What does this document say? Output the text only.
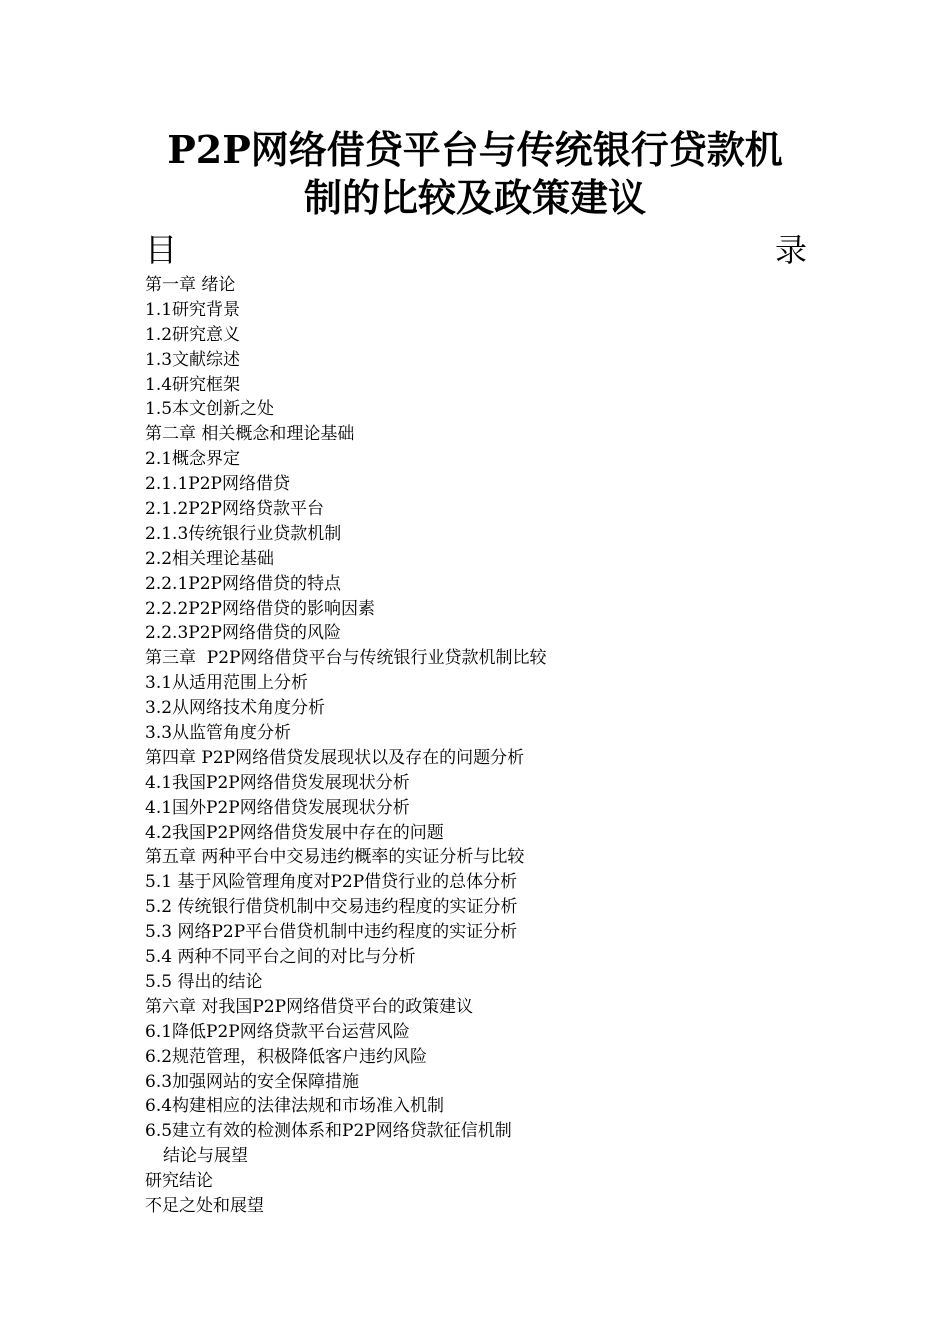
P2P网络借贷平台与传统银行贷款机
制的比较及政策建议
目	录
第一章 绪论
1.1研究背景
1.2研究意义
1.3文献综述
1.4研究框架
1.5本文创新之处
第二章 相关概念和理论基础
2.1概念界定
2.1.1P2P网络借贷
2.1.2P2P网络贷款平台
2.1.3传统银行业贷款机制
2.2相关理论基础
2.2.1P2P网络借贷的特点
2.2.2P2P网络借贷的影响因素
2.2.3P2P网络借贷的风险
第三章  P2P网络借贷平台与传统银行业贷款机制比较
3.1从适用范围上分析
3.2从网络技术角度分析
3.3从监管角度分析
第四章 P2P网络借贷发展现状以及存在的问题分析
4.1我国P2P网络借贷发展现状分析
4.1国外P2P网络借贷发展现状分析
4.2我国P2P网络借贷发展中存在的问题
第五章 两种平台中交易违约概率的实证分析与比较
5.1 基于风险管理角度对P2P借贷行业的总体分析
5.2 传统银行借贷机制中交易违约程度的实证分析
5.3 网络P2P平台借贷机制中违约程度的实证分析
5.4 两种不同平台之间的对比与分析
5.5 得出的结论
第六章 对我国P2P网络借贷平台的政策建议
6.1降低P2P网络贷款平台运营风险
6.2规范管理，积极降低客户违约风险
6.3加强网站的安全保障措施
6.4构建相应的法律法规和市场准入机制
6.5建立有效的检测体系和P2P网络贷款征信机制
结论与展望
研究结论
不足之处和展望
